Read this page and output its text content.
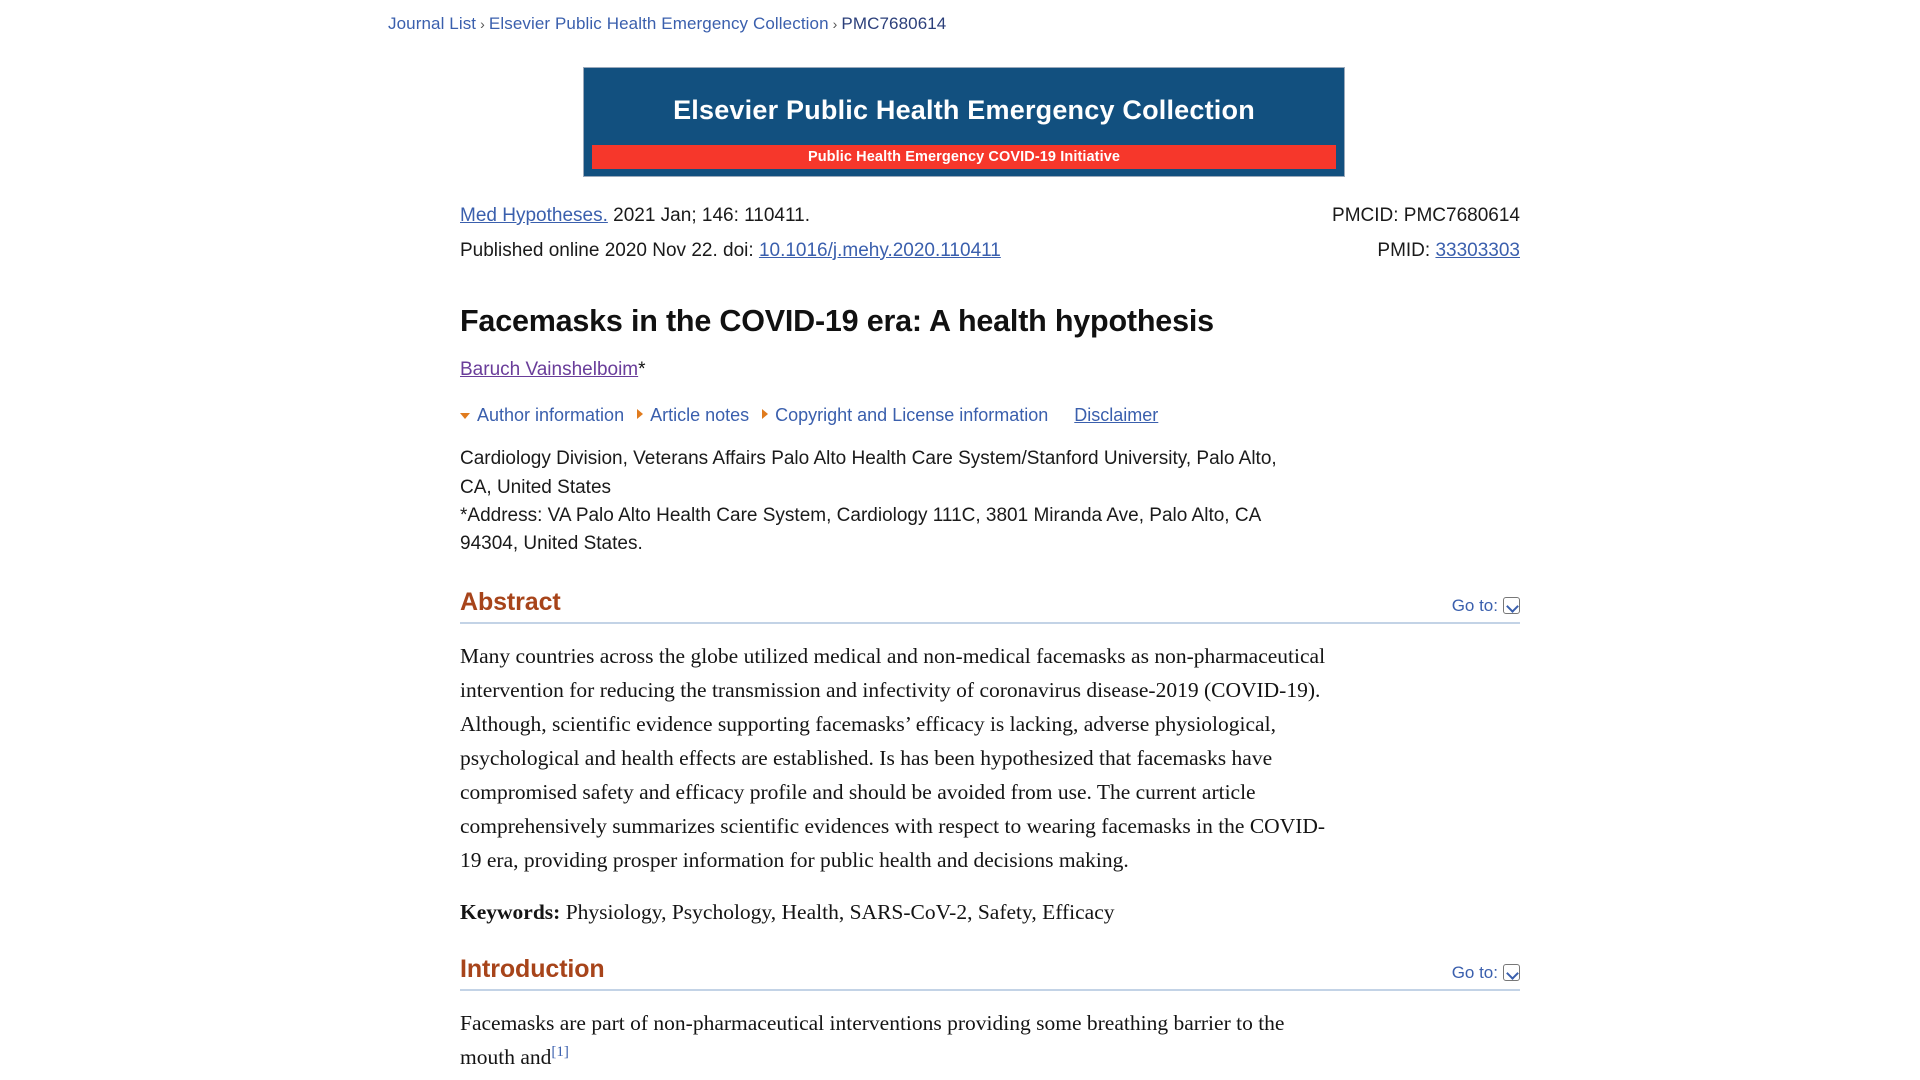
Journal List › Elsevier Public Health Emergency Collection › PMC7680614
Elsevier Public Health Emergency Collection
Public Health Emergency COVID-19 Initiative
Med Hypotheses. 2021 Jan; 146: 110411.	PMCID: PMC7680614
Published online 2020 Nov 22. doi: 10.1016/j.mehy.2020.110411	PMID: 33303303
Facemasks in the COVID-19 era: A health hypothesis
Baruch Vainshelboim*
Author information Article notes Copyright and License information Disclaimer
Cardiology Division, Veterans Affairs Palo Alto Health Care System/Stanford University, Palo Alto, CA, United States
*Address: VA Palo Alto Health Care System, Cardiology 111C, 3801 Miranda Ave, Palo Alto, CA 94304, United States.
Abstract	Go to:

Many countries across the globe utilized medical and non-medical facemasks as non-pharmaceutical intervention for reducing the transmission and infectivity of coronavirus disease-2019 (COVID-19). Although, scientific evidence supporting facemasks’ efficacy is lacking, adverse physiological, psychological and health effects are established. Is has been hypothesized that facemasks have compromised safety and efficacy profile and should be avoided from use. The current article comprehensively summarizes scientific evidences with respect to wearing facemasks in the COVID-19 era, providing prosper information for public health and decisions making.

Keywords: Physiology, Psychology, Health, SARS-CoV-2, Safety, Efficacy

Introduction	Go to:

Facemasks are part of non-pharmaceutical interventions providing some breathing barrier to the mouth and[1]
